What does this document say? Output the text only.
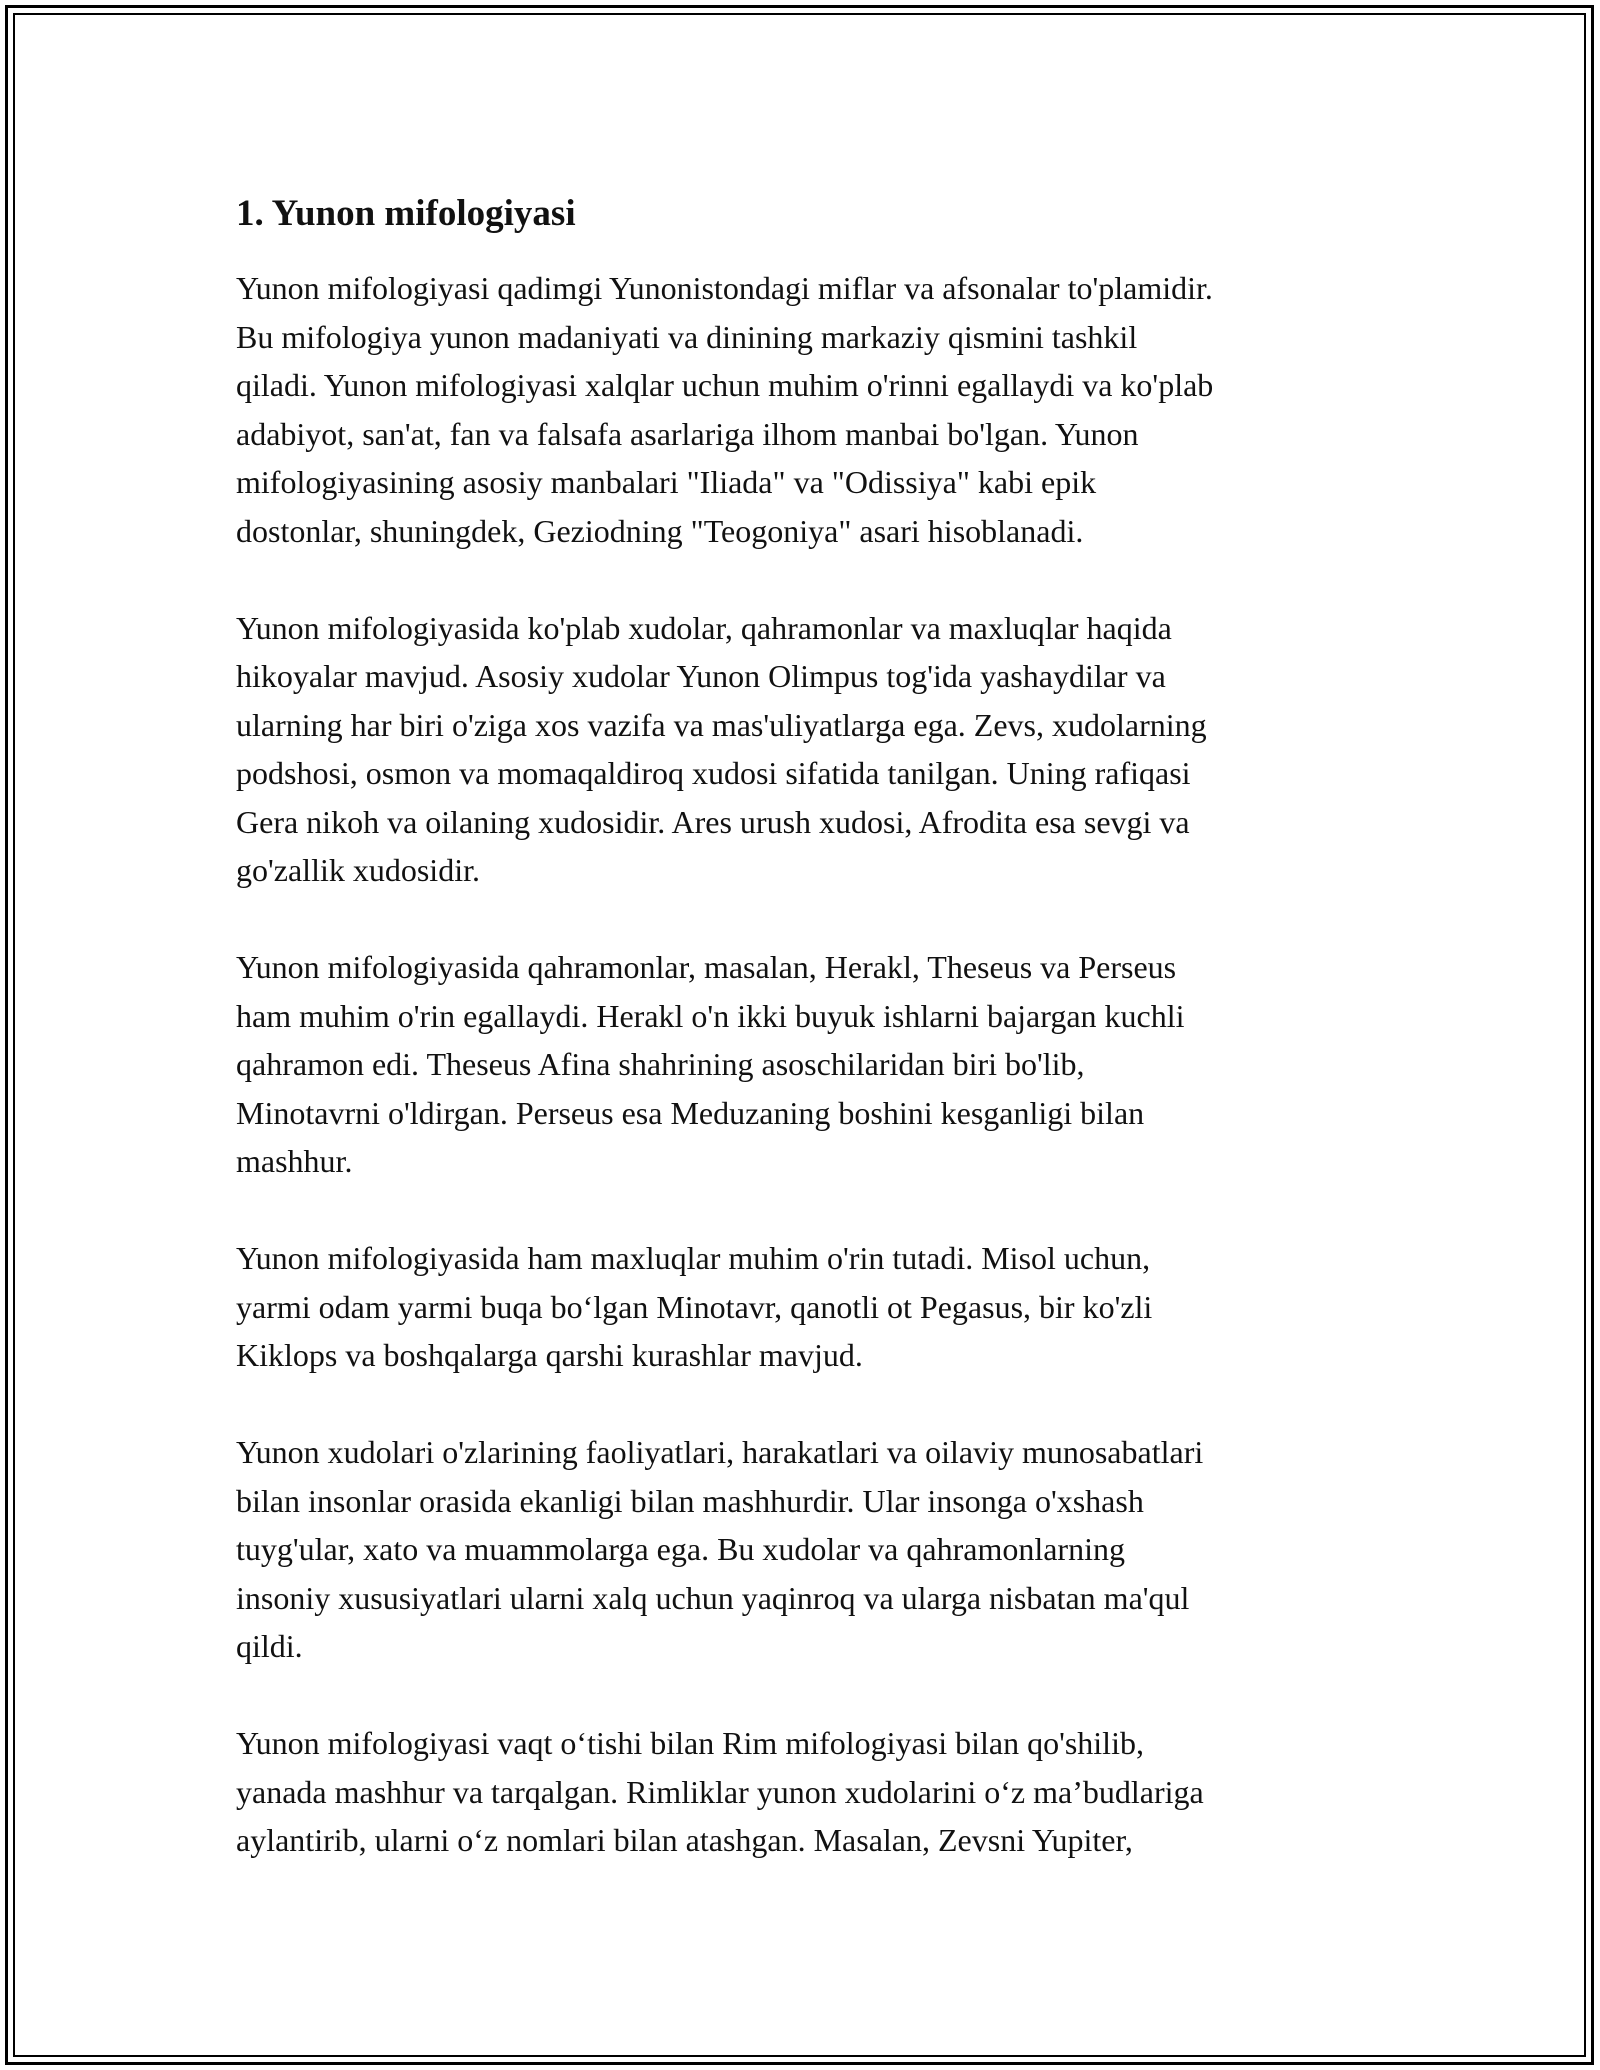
1. Yunon mifologiyasi
Yunon mifologiyasi qadimgi Yunonistondagi miflar va afsonalar to'plamidir.
Bu mifologiya yunon madaniyati va dinining markaziy qismini tashkil
qiladi. Yunon mifologiyasi xalqlar uchun muhim o'rinni egallaydi va ko'plab
adabiyot, san'at, fan va falsafa asarlariga ilhom manbai bo'lgan. Yunon
mifologiyasining asosiy manbalari "Iliada" va "Odissiya" kabi epik
dostonlar, shuningdek, Geziodning "Teogoniya" asari hisoblanadi.
Yunon mifologiyasida ko'plab xudolar, qahramonlar va maxluqlar haqida
hikoyalar mavjud. Asosiy xudolar Yunon Olimpus tog'ida yashaydilar va
ularning har biri o'ziga xos vazifa va mas'uliyatlarga ega. Zevs, xudolarning
podshosi, osmon va momaqaldiroq xudosi sifatida tanilgan. Uning rafiqasi
Gera nikoh va oilaning xudosidir. Ares urush xudosi, Afrodita esa sevgi va
go'zallik xudosidir.
Yunon mifologiyasida qahramonlar, masalan, Herakl, Theseus va Perseus
ham muhim o'rin egallaydi. Herakl o'n ikki buyuk ishlarni bajargan kuchli
qahramon edi. Theseus Afina shahrining asoschilaridan biri bo'lib,
Minotavrni o'ldirgan. Perseus esa Meduzaning boshini kesganligi bilan
mashhur.
Yunon mifologiyasida ham maxluqlar muhim o'rin tutadi. Misol uchun,
yarmi odam yarmi buqa bo‘lgan Minotavr, qanotli ot Pegasus, bir ko'zli
Kiklops va boshqalarga qarshi kurashlar mavjud.
Yunon xudolari o'zlarining faoliyatlari, harakatlari va oilaviy munosabatlari
bilan insonlar orasida ekanligi bilan mashhurdir. Ular insonga o'xshash
tuyg'ular, xato va muammolarga ega. Bu xudolar va qahramonlarning
insoniy xususiyatlari ularni xalq uchun yaqinroq va ularga nisbatan ma'qul
qildi.
Yunon mifologiyasi vaqt o‘tishi bilan Rim mifologiyasi bilan qo'shilib,
yanada mashhur va tarqalgan. Rimliklar yunon xudolarini o‘z ma’budlariga
aylantirib, ularni o‘z nomlari bilan atashgan. Masalan, Zevsni Yupiter,
